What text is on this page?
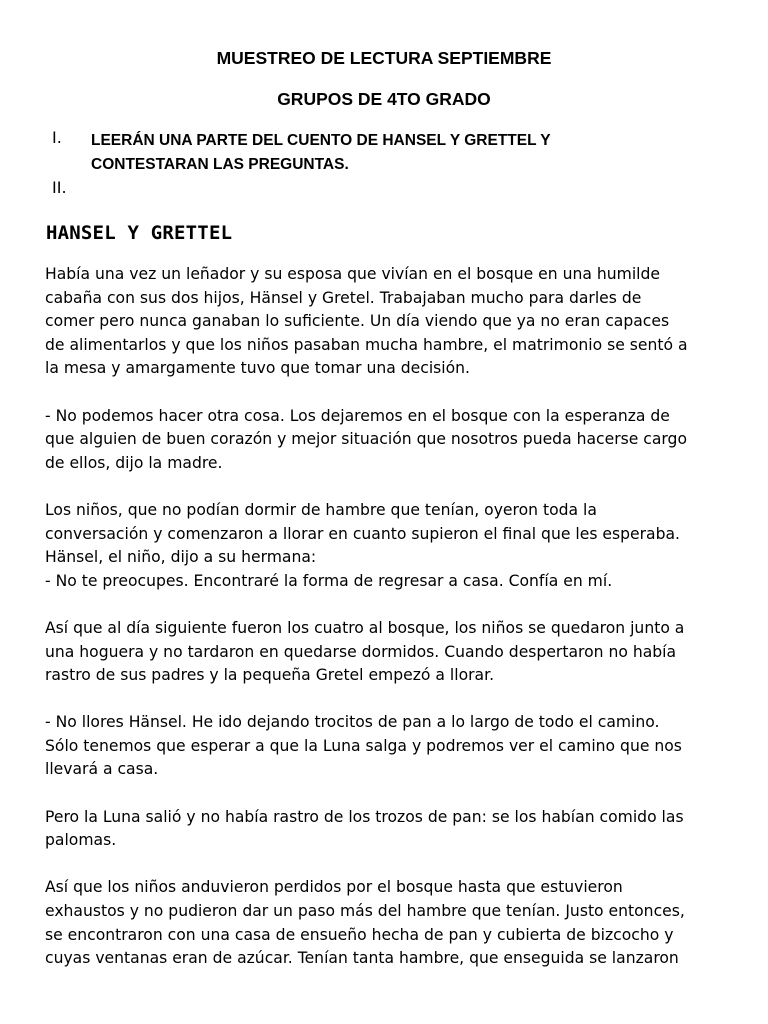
MUESTREO DE LECTURA SEPTIEMBRE
GRUPOS DE 4TO GRADO
I. LEERÁN UNA PARTE DEL CUENTO DE HANSEL Y GRETTEL Y
CONTESTARAN LAS PREGUNTAS.
II.
HANSEL Y GRETTEL

Había una vez un leñador y su esposa que vivían en el bosque en una humilde
cabaña con sus dos hijos, Hänsel y Gretel. Trabajaban mucho para darles de
comer pero nunca ganaban lo suficiente. Un día viendo que ya no eran capaces
de alimentarlos y que los niños pasaban mucha hambre, el matrimonio se sentó a
la mesa y amargamente tuvo que tomar una decisión.

- No podemos hacer otra cosa. Los dejaremos en el bosque con la esperanza de
que alguien de buen corazón y mejor situación que nosotros pueda hacerse cargo
de ellos, dijo la madre.

Los niños, que no podían dormir de hambre que tenían, oyeron toda la
conversación y comenzaron a llorar en cuanto supieron el final que les esperaba.
Hänsel, el niño, dijo a su hermana:
- No te preocupes. Encontraré la forma de regresar a casa. Confía en mí.

Así que al día siguiente fueron los cuatro al bosque, los niños se quedaron junto a
una hoguera y no tardaron en quedarse dormidos. Cuando despertaron no había
rastro de sus padres y la pequeña Gretel empezó a llorar.

- No llores Hänsel. He ido dejando trocitos de pan a lo largo de todo el camino.
Sólo tenemos que esperar a que la Luna salga y podremos ver el camino que nos
llevará a casa.

Pero la Luna salió y no había rastro de los trozos de pan: se los habían comido las
palomas.

Así que los niños anduvieron perdidos por el bosque hasta que estuvieron
exhaustos y no pudieron dar un paso más del hambre que tenían. Justo entonces,
se encontraron con una casa de ensueño hecha de pan y cubierta de bizcocho y
cuyas ventanas eran de azúcar. Tenían tanta hambre, que enseguida se lanzaron
